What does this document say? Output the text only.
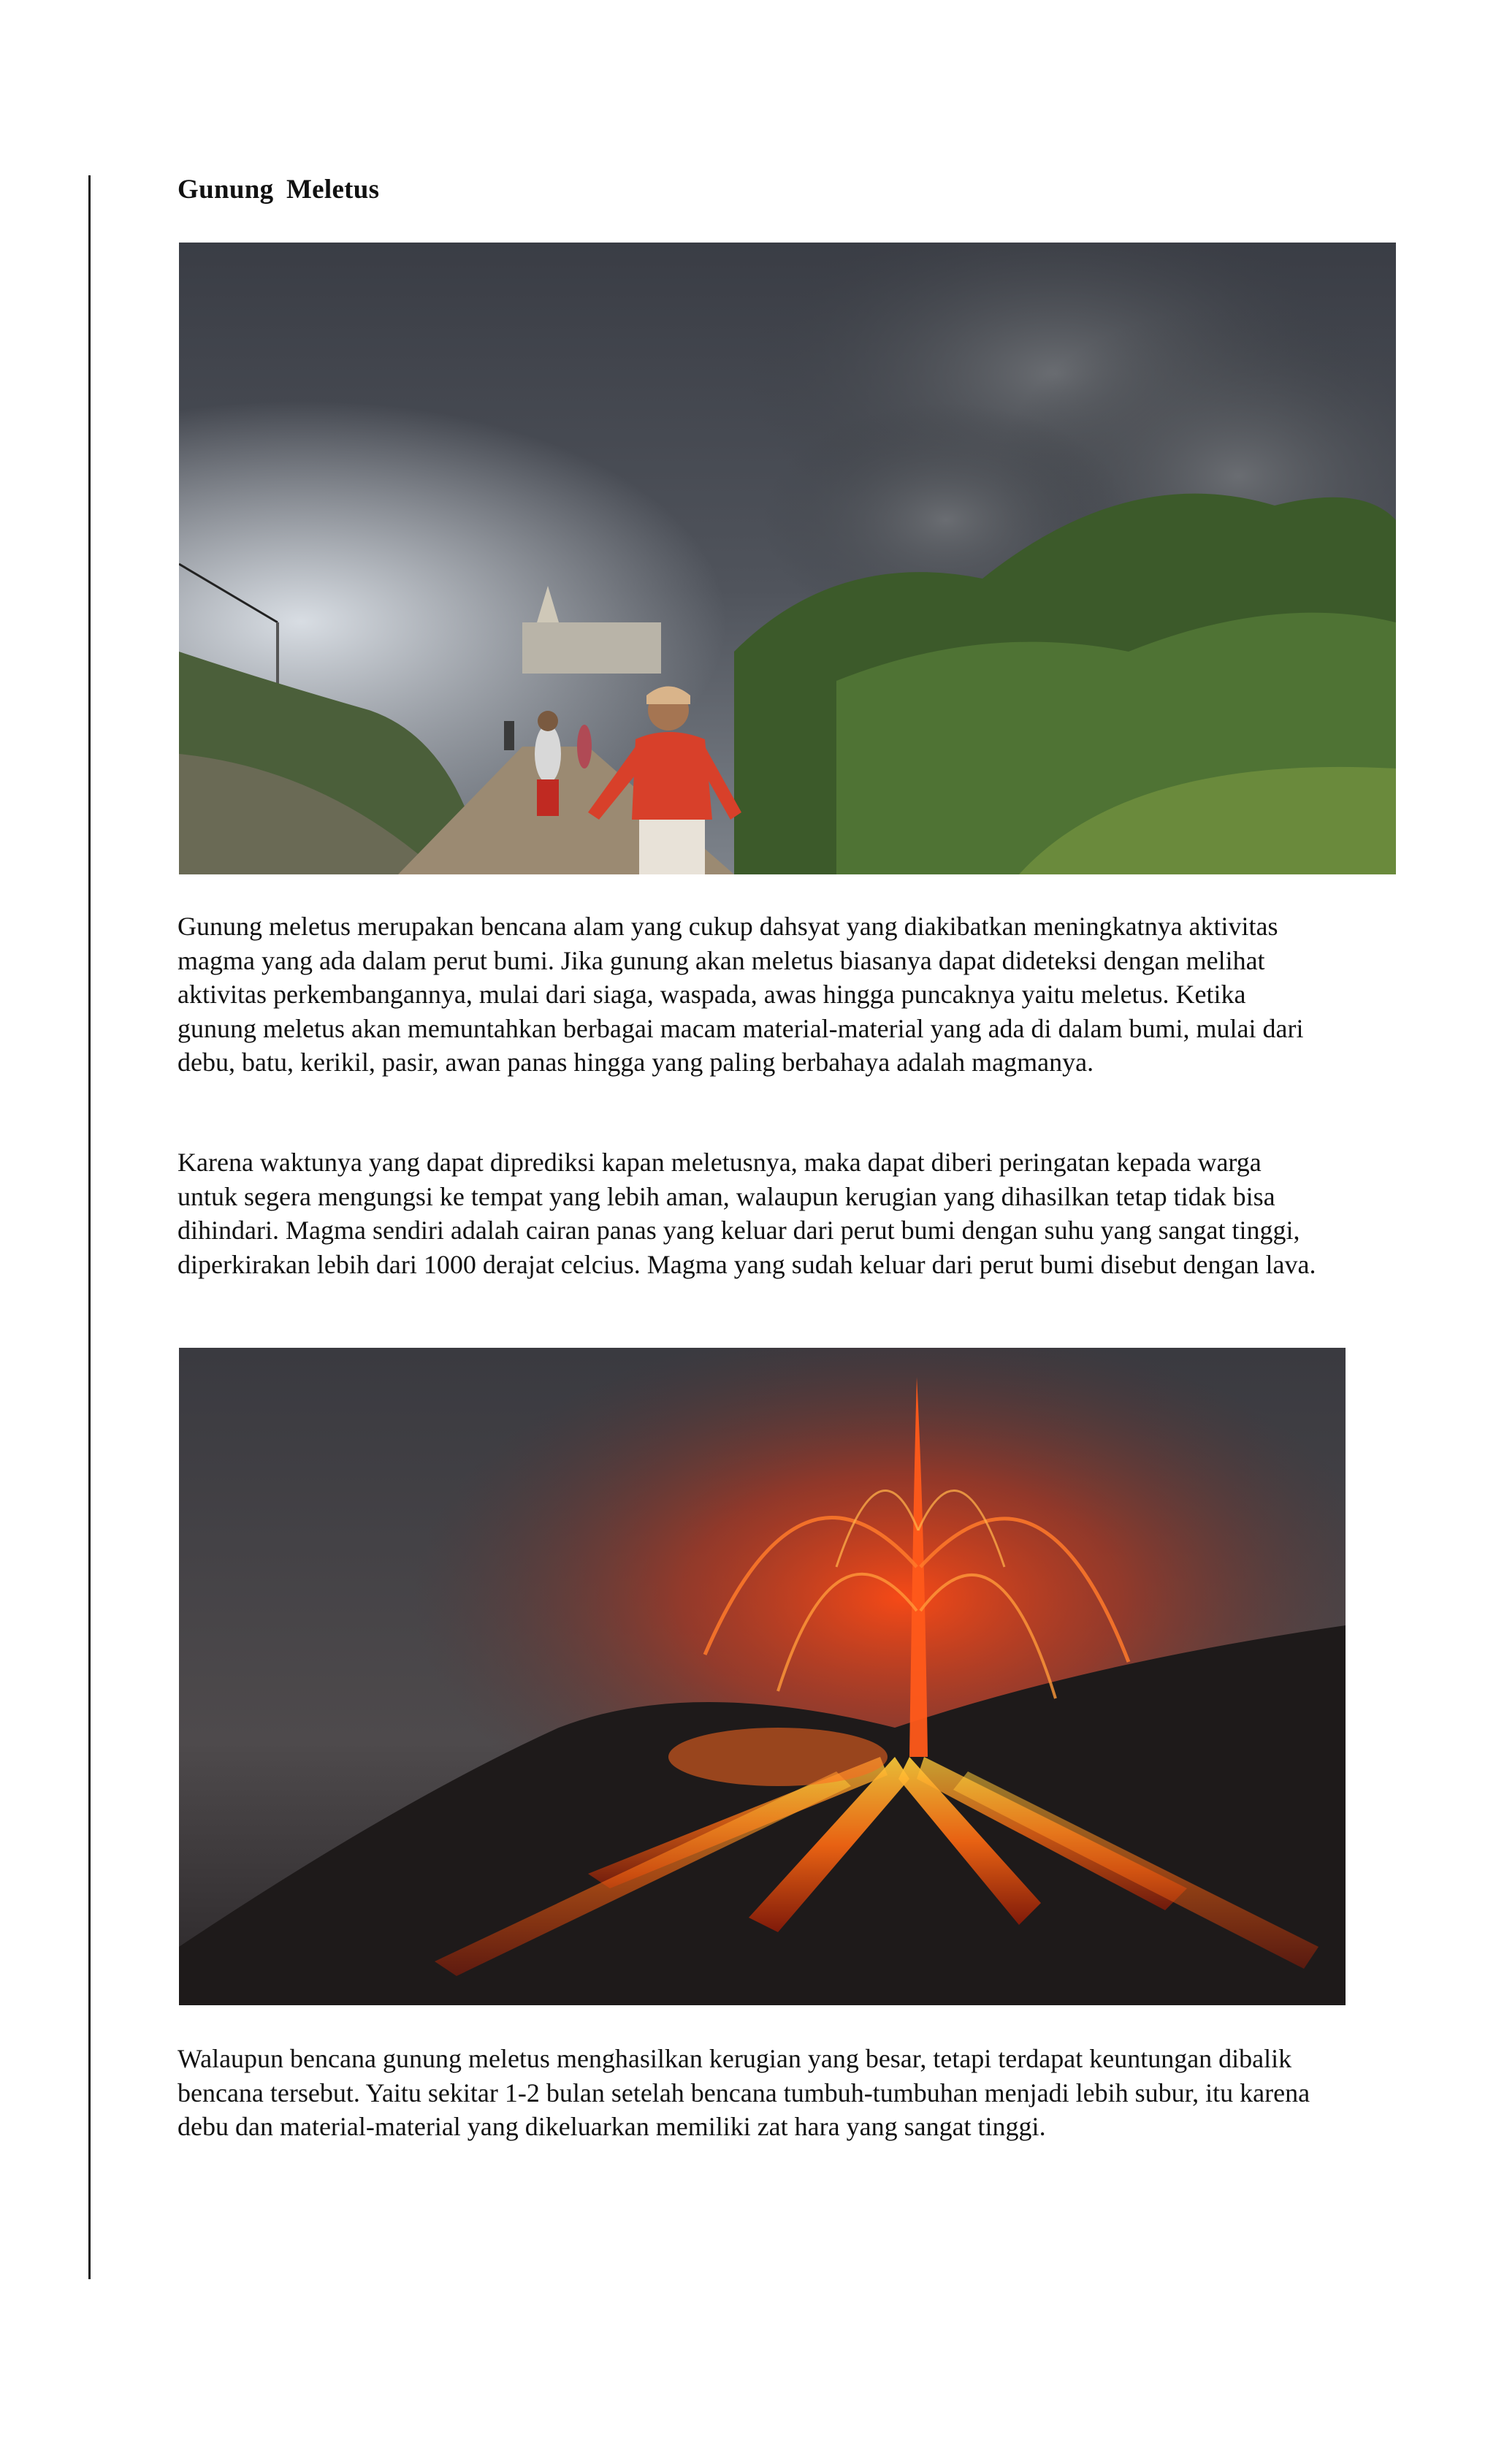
Gunung Meletus

Gunung meletus merupakan bencana alam yang cukup dahsyat yang diakibatkan meningkatnya aktivitas magma yang ada dalam perut bumi. Jika gunung akan meletus biasanya dapat dideteksi dengan melihat aktivitas perkembangannya, mulai dari siaga, waspada, awas hingga puncaknya yaitu meletus. Ketika gunung meletus akan memuntahkan berbagai macam material-material yang ada di dalam bumi, mulai dari debu, batu, kerikil, pasir, awan panas hingga yang paling berbahaya adalah magmanya.

Karena waktunya yang dapat diprediksi kapan meletusnya, maka dapat diberi peringatan kepada warga untuk segera mengungsi ke tempat yang lebih aman, walaupun kerugian yang dihasilkan tetap tidak bisa dihindari. Magma sendiri adalah cairan panas yang keluar dari perut bumi dengan suhu yang sangat tinggi, diperkirakan lebih dari 1000 derajat celcius. Magma yang sudah keluar dari perut bumi disebut dengan lava.

Walaupun bencana gunung meletus menghasilkan kerugian yang besar, tetapi terdapat keuntungan dibalik bencana tersebut. Yaitu sekitar 1-2 bulan setelah bencana tumbuh-tumbuhan menjadi lebih subur, itu karena debu dan material-material yang dikeluarkan memiliki zat hara yang sangat tinggi.
